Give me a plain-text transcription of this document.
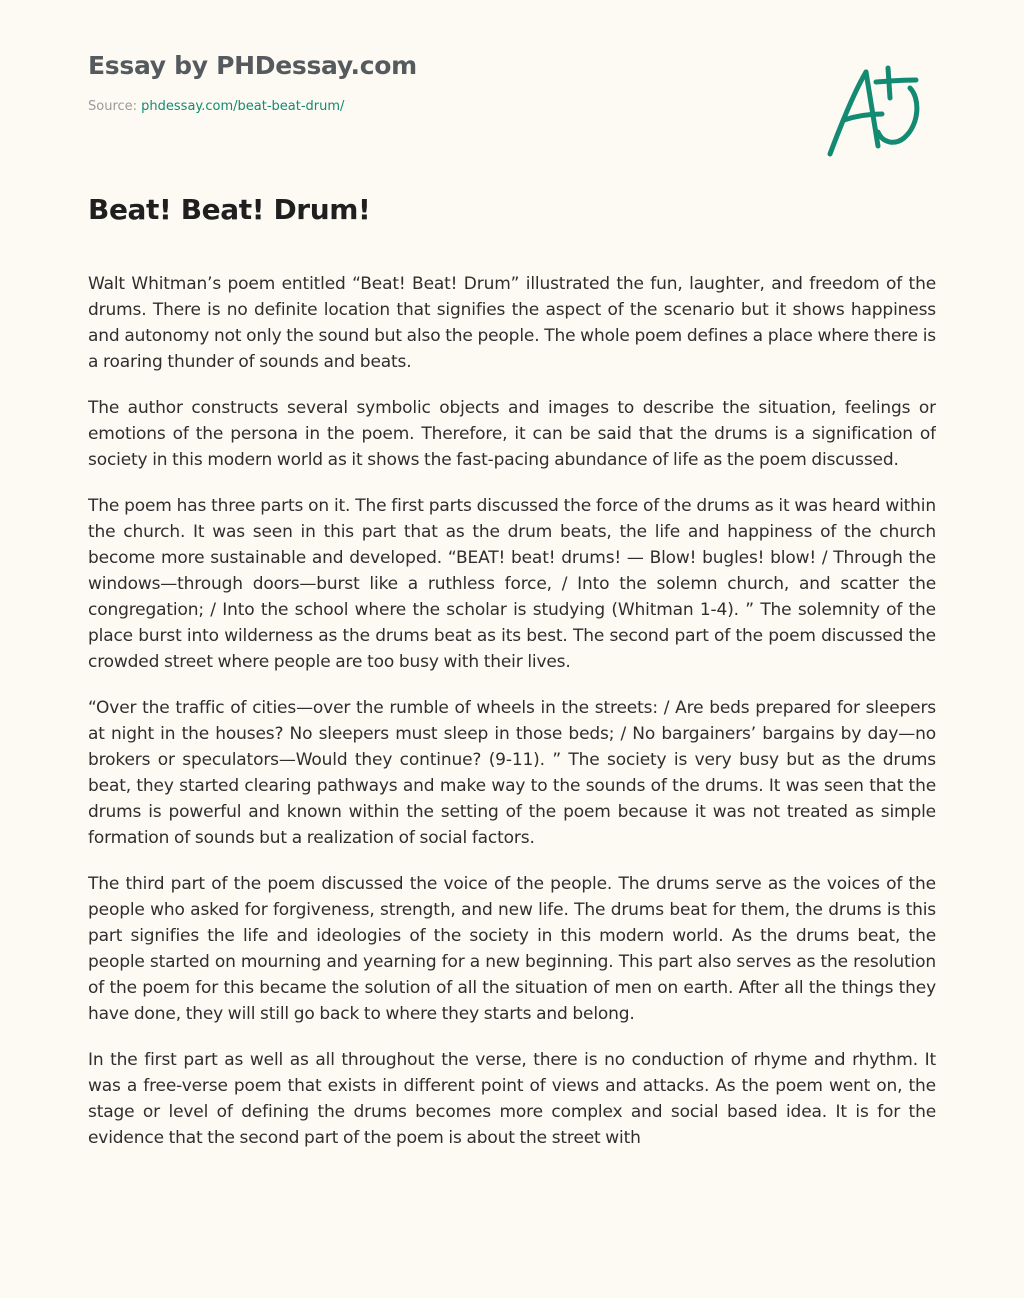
Essay by PHDessay.com
Source: phdessay.com/beat-beat-drum/
Beat! Beat! Drum!

Walt Whitman’s poem entitled “Beat! Beat! Drum” illustrated the fun, laughter, and freedom of the drums. There is no definite location that signifies the aspect of the scenario but it shows happiness and autonomy not only the sound but also the people. The whole poem defines a place where there is a roaring thunder of sounds and beats.

The author constructs several symbolic objects and images to describe the situation, feelings or emotions of the persona in the poem. Therefore, it can be said that the drums is a signification of society in this modern world as it shows the fast-pacing abundance of life as the poem discussed.

The poem has three parts on it. The first parts discussed the force of the drums as it was heard within the church. It was seen in this part that as the drum beats, the life and happiness of the church become more sustainable and developed. “BEAT! beat! drums! — Blow! bugles! blow! / Through the windows—through doors—burst like a ruthless force, / Into the solemn church, and scatter the congregation; / Into the school where the scholar is studying (Whitman 1-4). ” The solemnity of the place burst into wilderness as the drums beat as its best. The second part of the poem discussed the crowded street where people are too busy with their lives.

“Over the traffic of cities—over the rumble of wheels in the streets: / Are beds prepared for sleepers at night in the houses? No sleepers must sleep in those beds; / No bargainers’ bargains by day—no brokers or speculators—Would they continue? (9-11). ” The society is very busy but as the drums beat, they started clearing pathways and make way to the sounds of the drums. It was seen that the drums is powerful and known within the setting of the poem because it was not treated as simple formation of sounds but a realization of social factors.

The third part of the poem discussed the voice of the people. The drums serve as the voices of the people who asked for forgiveness, strength, and new life. The drums beat for them, the drums is this part signifies the life and ideologies of the society in this modern world. As the drums beat, the people started on mourning and yearning for a new beginning. This part also serves as the resolution of the poem for this became the solution of all the situation of men on earth. After all the things they have done, they will still go back to where they starts and belong.

In the first part as well as all throughout the verse, there is no conduction of rhyme and rhythm. It was a free-verse poem that exists in different point of views and attacks. As the poem went on, the stage or level of defining the drums becomes more complex and social based idea. It is for the evidence that the second part of the poem is about the street with
